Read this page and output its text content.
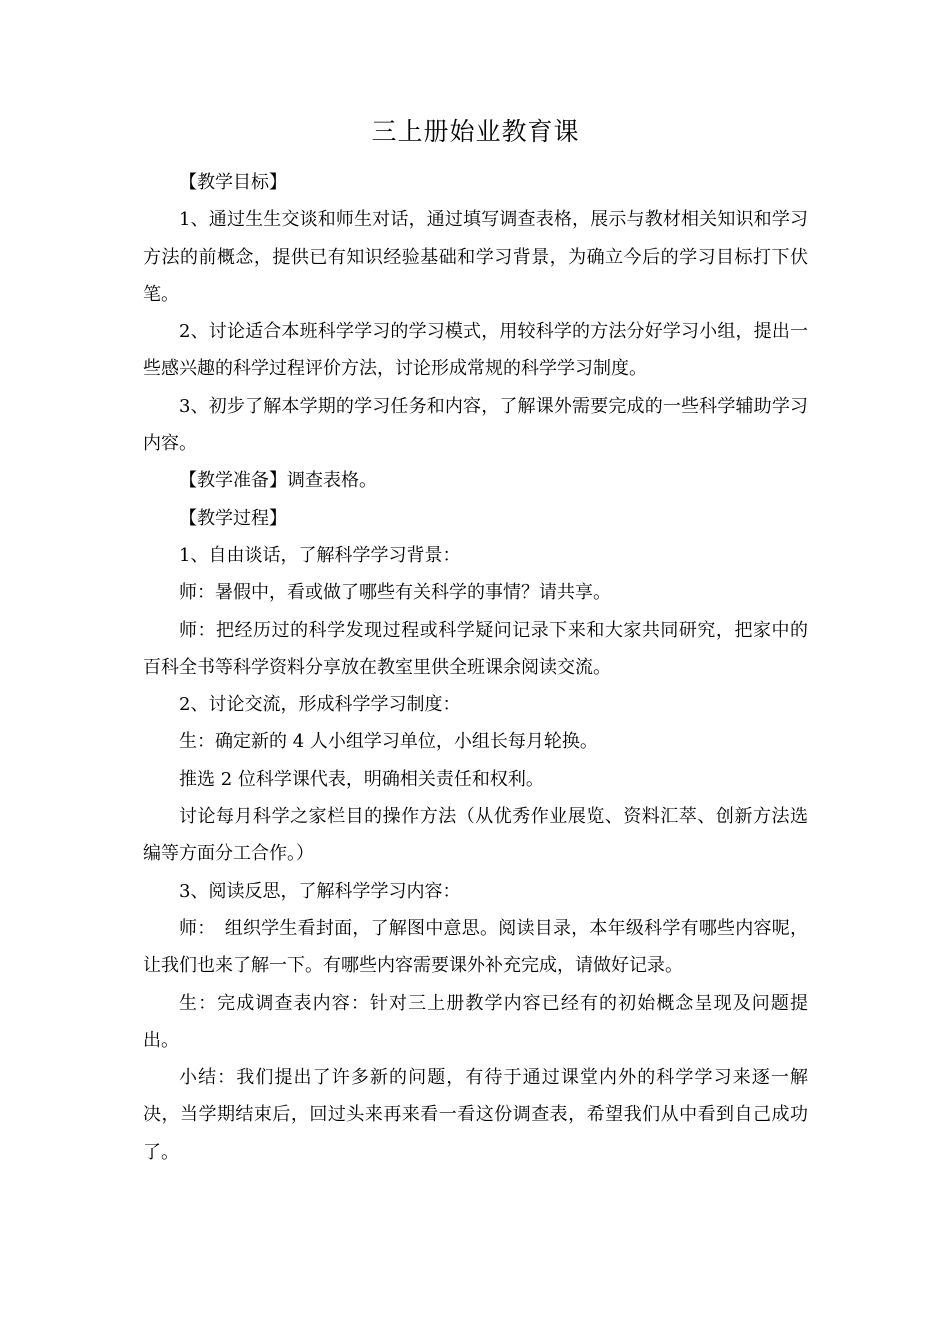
三上册始业教育课

【教学目标】

1、通过生生交谈和师生对话，通过填写调查表格，展示与教材相关知识和学习方法的前概念，提供已有知识经验基础和学习背景，为确立今后的学习目标打下伏笔。

2、讨论适合本班科学学习的学习模式，用较科学的方法分好学习小组，提出一些感兴趣的科学过程评价方法，讨论形成常规的科学学习制度。

3、初步了解本学期的学习任务和内容，了解课外需要完成的一些科学辅助学习内容。

【教学准备】调查表格。

【教学过程】

1、自由谈话，了解科学学习背景：

师：暑假中，看或做了哪些有关科学的事情？请共享。

师：把经历过的科学发现过程或科学疑问记录下来和大家共同研究，把家中的百科全书等科学资料分享放在教室里供全班课余阅读交流。

2、讨论交流，形成科学学习制度：

生：确定新的 4 人小组学习单位，小组长每月轮换。

推选 2 位科学课代表，明确相关责任和权利。

讨论每月科学之家栏目的操作方法（从优秀作业展览、资料汇萃、创新方法选编等方面分工合作。）

3、阅读反思，了解科学学习内容：

师：　组织学生看封面，了解图中意思。阅读目录，本年级科学有哪些内容呢，让我们也来了解一下。有哪些内容需要课外补充完成，请做好记录。

生：完成调查表内容：针对三上册教学内容已经有的初始概念呈现及问题提出。

小结：我们提出了许多新的问题，有待于通过课堂内外的科学学习来逐一解决，当学期结束后，回过头来再来看一看这份调查表，希望我们从中看到自己成功了。
